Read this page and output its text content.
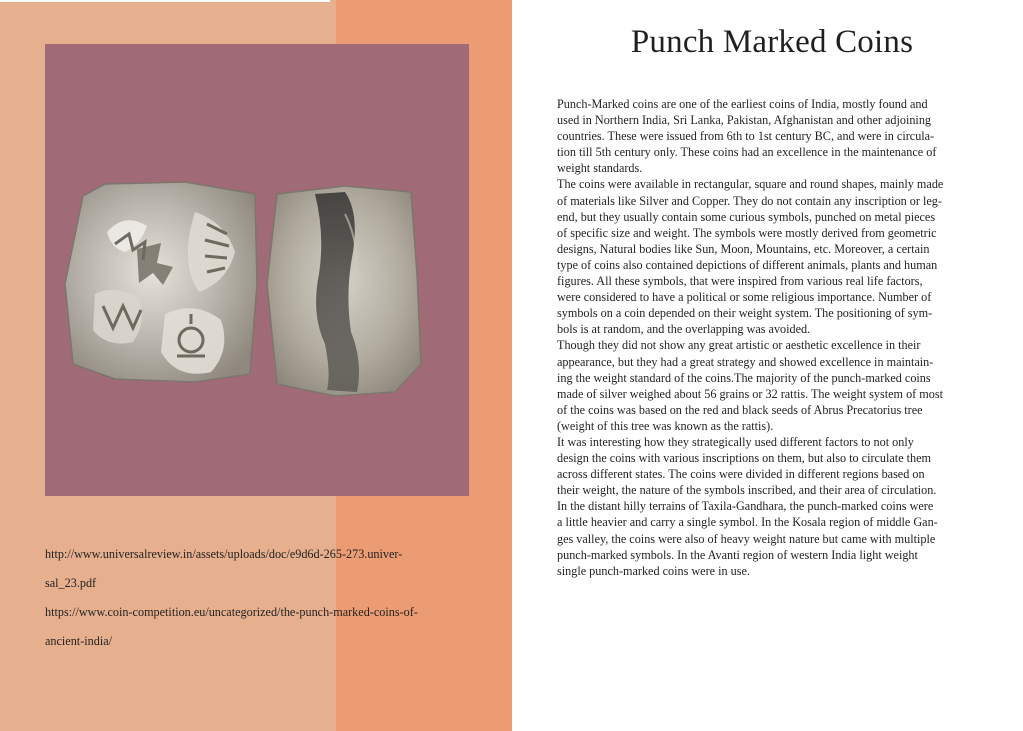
http://www.universalreview.in/assets/uploads/doc/e9d6d-265-273.univer-
sal_23.pdf
https://www.coin-competition.eu/uncategorized/the-punch-marked-coins-of-
ancient-india/
Punch Marked Coins
Punch-Marked coins are one of the earliest coins of India, mostly found and
used in Northern India, Sri Lanka, Pakistan, Afghanistan and other adjoining
countries. These were issued from 6th to 1st century BC, and were in circula-
tion till 5th century only. These coins had an excellence in the maintenance of
weight standards.
The coins were available in rectangular, square and round shapes, mainly made
of materials like Silver and Copper. They do not contain any inscription or leg-
end, but they usually contain some curious symbols, punched on metal pieces
of specific size and weight. The symbols were mostly derived from geometric
designs, Natural bodies like Sun, Moon, Mountains, etc. Moreover, a certain
type of coins also contained depictions of different animals, plants and human
figures. All these symbols, that were inspired from various real life factors,
were considered to have a political or some religious importance. Number of
symbols on a coin depended on their weight system. The positioning of sym-
bols is at random, and the overlapping was avoided.
Though they did not show any great artistic or aesthetic excellence in their
appearance, but they had a great strategy and showed excellence in maintain-
ing the weight standard of the coins.The majority of the punch-marked coins
made of silver weighed about 56 grains or 32 rattis. The weight system of most
of the coins was based on the red and black seeds of Abrus Precatorius tree
(weight of this tree was known as the rattis).
It was interesting how they strategically used different factors to not only
design the coins with various inscriptions on them, but also to circulate them
across different states. The coins were divided in different regions based on
their weight, the nature of the symbols inscribed, and their area of circulation.
In the distant hilly terrains of Taxila-Gandhara, the punch-marked coins were
a little heavier and carry a single symbol. In the Kosala region of middle Gan-
ges valley, the coins were also of heavy weight nature but came with multiple
punch-marked symbols. In the Avanti region of western India light weight
single punch-marked coins were in use.
